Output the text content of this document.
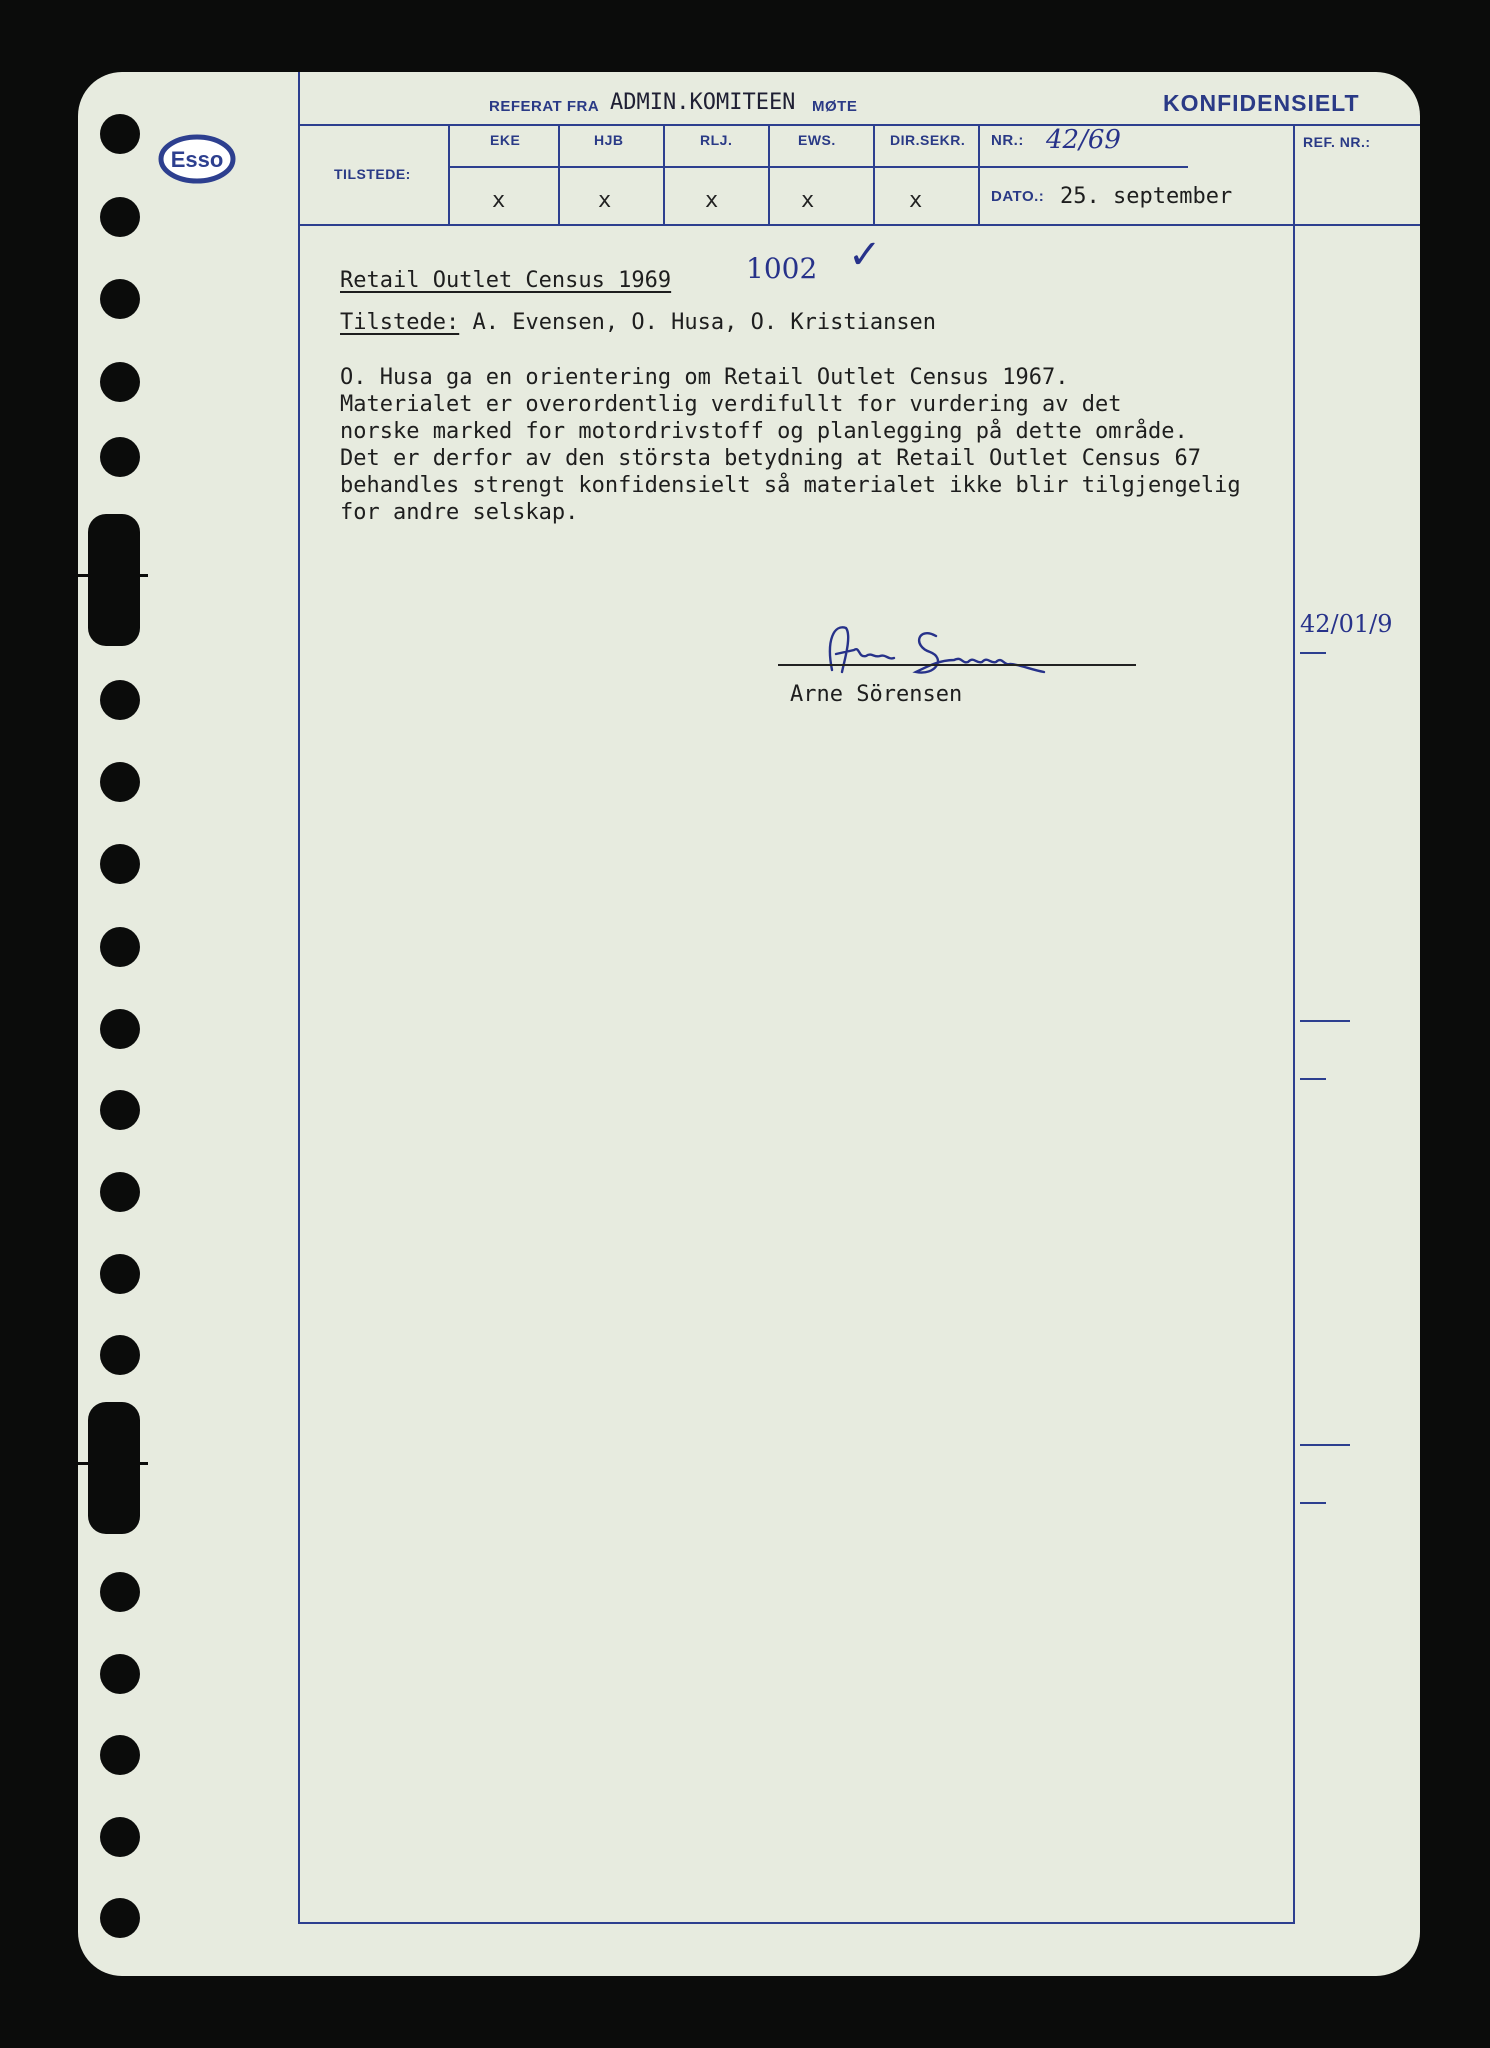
Esso
REFERAT FRA ADMIN.KOMITEEN MØTE	KONFIDENSIELT
TILSTEDE:
EKE	HJB	RLJ.	EWS.	DIR.SEKR.
x	x	x	x	x
NR.: 42/69
DATO.: 25. september
REF. NR.:
Retail Outlet Census 1969	1002 ✓
Tilstede: A. Evensen, O. Husa, O. Kristiansen

O. Husa ga en orientering om Retail Outlet Census 1967.

Materialet er overordentlig verdifullt for vurdering av det

norske marked for motordrivstoff og planlegging på dette område.

Det er derfor av den största betydning at Retail Outlet Census 67

behandles strengt konfidensielt så materialet ikke blir tilgjengelig

for andre selskap.

Arne Sörensen
42/01/9
